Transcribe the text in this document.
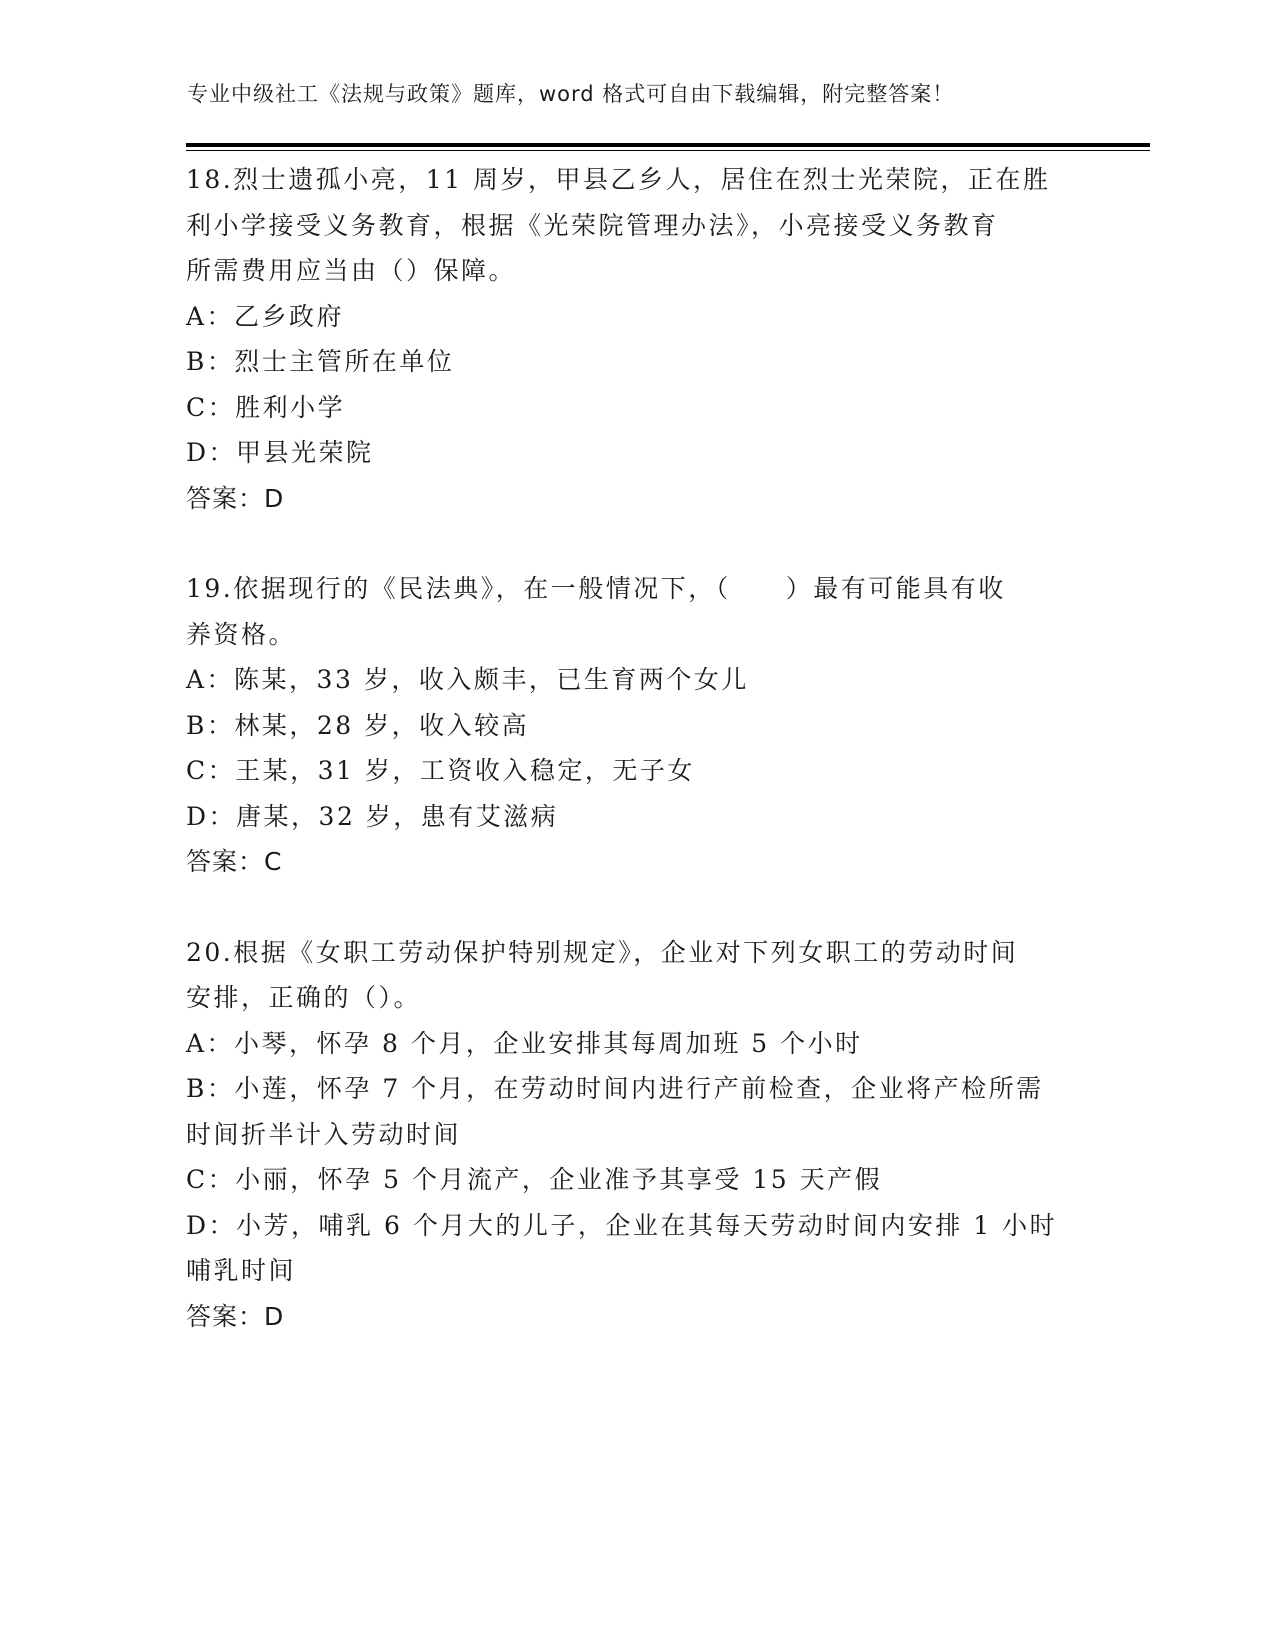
专业中级社工《法规与政策》题库，word 格式可自由下载编辑，附完整答案！
18.烈士遗孤小亮，11 周岁，甲县乙乡人，居住在烈士光荣院，正在胜
利小学接受义务教育，根据《光荣院管理办法》，小亮接受义务教育
所需费用应当由（）保障。
A：乙乡政府
B：烈士主管所在单位
C：胜利小学
D：甲县光荣院
答案：D
19.依据现行的《民法典》，在一般情况下，（　　）最有可能具有收
养资格。
A：陈某，33 岁，收入颇丰，已生育两个女儿
B：林某，28 岁，收入较高
C：王某，31 岁，工资收入稳定，无子女
D：唐某，32 岁，患有艾滋病
答案：C
20.根据《女职工劳动保护特别规定》，企业对下列女职工的劳动时间
安排，正确的（）。
A：小琴，怀孕 8 个月，企业安排其每周加班 5 个小时
B：小莲，怀孕 7 个月，在劳动时间内进行产前检查，企业将产检所需
时间折半计入劳动时间
C：小丽，怀孕 5 个月流产，企业准予其享受 15 天产假
D：小芳，哺乳 6 个月大的儿子，企业在其每天劳动时间内安排 1 小时
哺乳时间
答案：D
